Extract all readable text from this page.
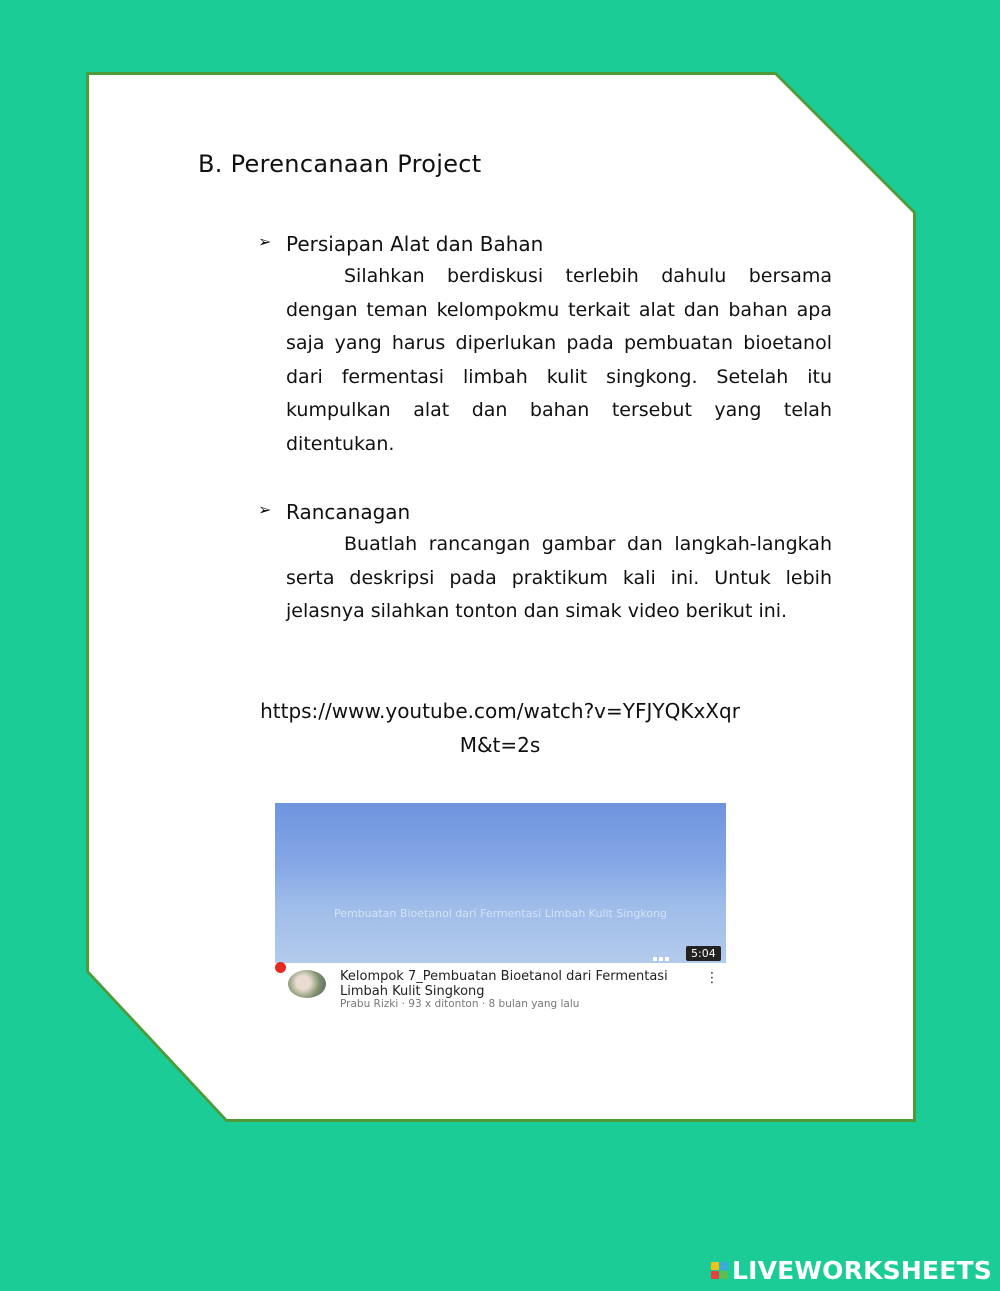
B. Perencanaan Project
➢ Persiapan Alat dan Bahan
Silahkan berdiskusi terlebih dahulu bersama dengan teman kelompokmu terkait alat dan bahan apa saja yang harus diperlukan pada pembuatan bioetanol dari fermentasi limbah kulit singkong. Setelah itu kumpulkan alat dan bahan tersebut yang telah ditentukan.
➢ Rancanagan
Buatlah rancangan gambar dan langkah-langkah serta deskripsi pada praktikum kali ini. Untuk lebih jelasnya silahkan tonton dan simak video berikut ini.
https://www.youtube.com/watch?v=YFJYQKxXqrM&t=2s
Pembuatan Bioetanol dari Fermentasi Limbah Kulit Singkong
5:04
Kelompok 7_Pembuatan Bioetanol dari Fermentasi Limbah Kulit Singkong
Prabu Rizki · 93 x ditonton · 8 bulan yang lalu
⋮
LIVEWORKSHEETS
